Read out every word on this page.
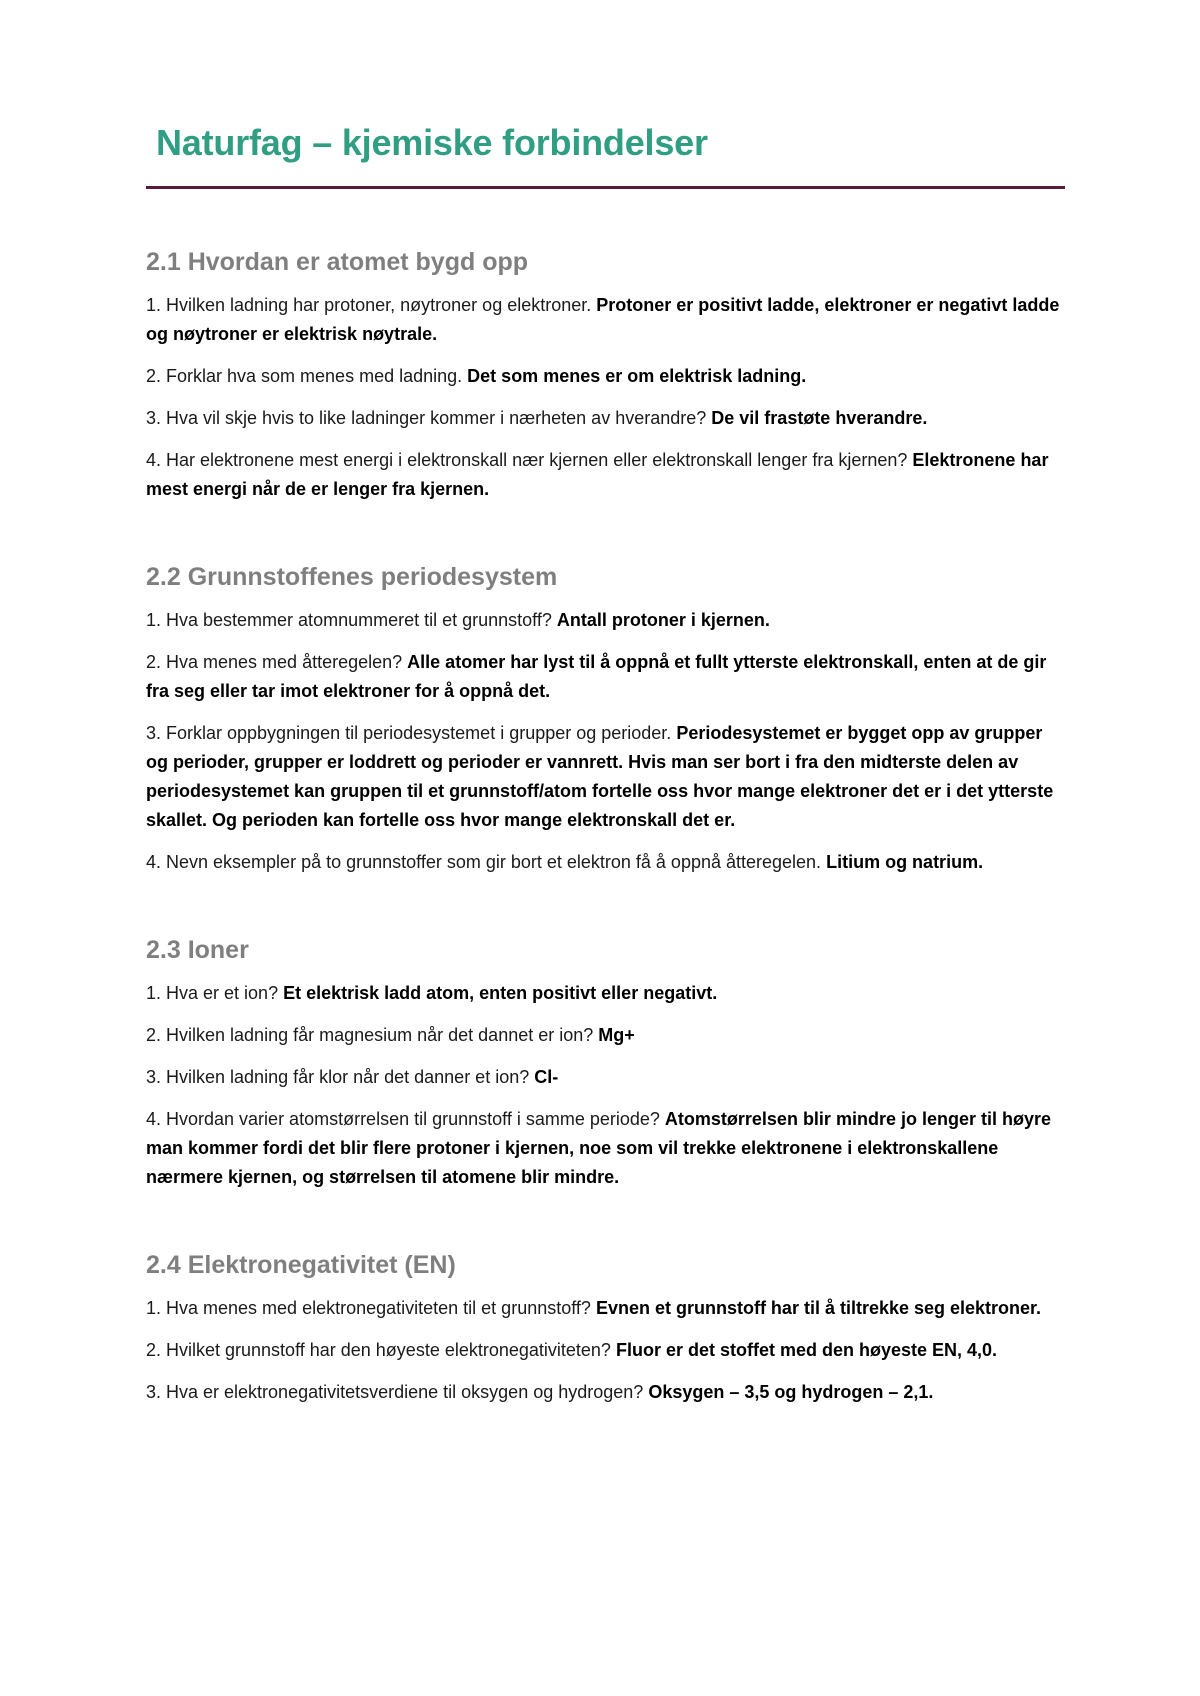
Naturfag – kjemiske forbindelser
2.1 Hvordan er atomet bygd opp

1. Hvilken ladning har protoner, nøytroner og elektroner. Protoner er positivt ladde, elektroner er negativt ladde og nøytroner er elektrisk nøytrale.

2. Forklar hva som menes med ladning. Det som menes er om elektrisk ladning.

3. Hva vil skje hvis to like ladninger kommer i nærheten av hverandre? De vil frastøte hverandre.

4. Har elektronene mest energi i elektronskall nær kjernen eller elektronskall lenger fra kjernen? Elektronene har mest energi når de er lenger fra kjernen.

2.2 Grunnstoffenes periodesystem

1. Hva bestemmer atomnummeret til et grunnstoff? Antall protoner i kjernen.

2. Hva menes med åtteregelen? Alle atomer har lyst til å oppnå et fullt ytterste elektronskall, enten at de gir fra seg eller tar imot elektroner for å oppnå det.

3. Forklar oppbygningen til periodesystemet i grupper og perioder. Periodesystemet er bygget opp av grupper og perioder, grupper er loddrett og perioder er vannrett. Hvis man ser bort i fra den midterste delen av periodesystemet kan gruppen til et grunnstoff/atom fortelle oss hvor mange elektroner det er i det ytterste skallet. Og perioden kan fortelle oss hvor mange elektronskall det er.

4. Nevn eksempler på to grunnstoffer som gir bort et elektron få å oppnå åtteregelen. Litium og natrium.

2.3 Ioner

1. Hva er et ion? Et elektrisk ladd atom, enten positivt eller negativt.

2. Hvilken ladning får magnesium når det dannet er ion? Mg+

3. Hvilken ladning får klor når det danner et ion? Cl-

4. Hvordan varier atomstørrelsen til grunnstoff i samme periode? Atomstørrelsen blir mindre jo lenger til høyre man kommer fordi det blir flere protoner i kjernen, noe som vil trekke elektronene i elektronskallene nærmere kjernen, og størrelsen til atomene blir mindre.

2.4 Elektronegativitet (EN)

1. Hva menes med elektronegativiteten til et grunnstoff? Evnen et grunnstoff har til å tiltrekke seg elektroner.

2. Hvilket grunnstoff har den høyeste elektronegativiteten? Fluor er det stoffet med den høyeste EN, 4,0.

3. Hva er elektronegativitetsverdiene til oksygen og hydrogen? Oksygen – 3,5 og hydrogen – 2,1.
